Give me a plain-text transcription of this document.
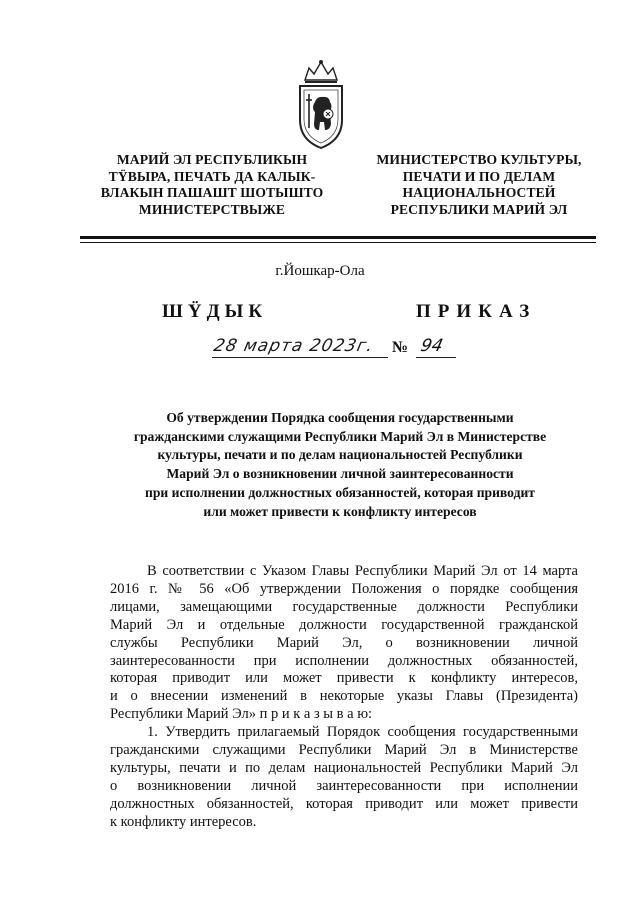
МАРИЙ ЭЛ РЕСПУБЛИКЫН
ТŸВЫРА, ПЕЧАТЬ ДА КАЛЫК-
ВЛАКЫН ПАШАШТ ШОТЫШТО
МИНИСТЕРСТВЫЖЕ
МИНИСТЕРСТВО КУЛЬТУРЫ,
ПЕЧАТИ И ПО ДЕЛАМ
НАЦИОНАЛЬНОСТЕЙ
РЕСПУБЛИКИ МАРИЙ ЭЛ
г.Йошкар-Ола
ШŸДЫК	ПРИКАЗ
28 марта 2023г. № 94
Об утверждении Порядка сообщения государственными
гражданскими служащими Республики Марий Эл в Министерстве
культуры, печати и по делам национальностей Республики
Марий Эл о возникновении личной заинтересованности
при исполнении должностных обязанностей, которая приводит
или может привести к конфликту интересов
В соответствии с Указом Главы Республики Марий Эл от 14 марта
2016 г. № 56 «Об утверждении Положения о порядке сообщения
лицами, замещающими государственные должности Республики
Марий Эл и отдельные должности государственной гражданской
службы Республики Марий Эл, о возникновении личной
заинтересованности при исполнении должностных обязанностей,
которая приводит или может привести к конфликту интересов,
и о внесении изменений в некоторые указы Главы (Президента)
Республики Марий Эл» п р и к а з ы в а ю:
1. Утвердить прилагаемый Порядок сообщения государственными
гражданскими служащими Республики Марий Эл в Министерстве
культуры, печати и по делам национальностей Республики Марий Эл
о возникновении личной заинтересованности при исполнении
должностных обязанностей, которая приводит или может привести
к конфликту интересов.
